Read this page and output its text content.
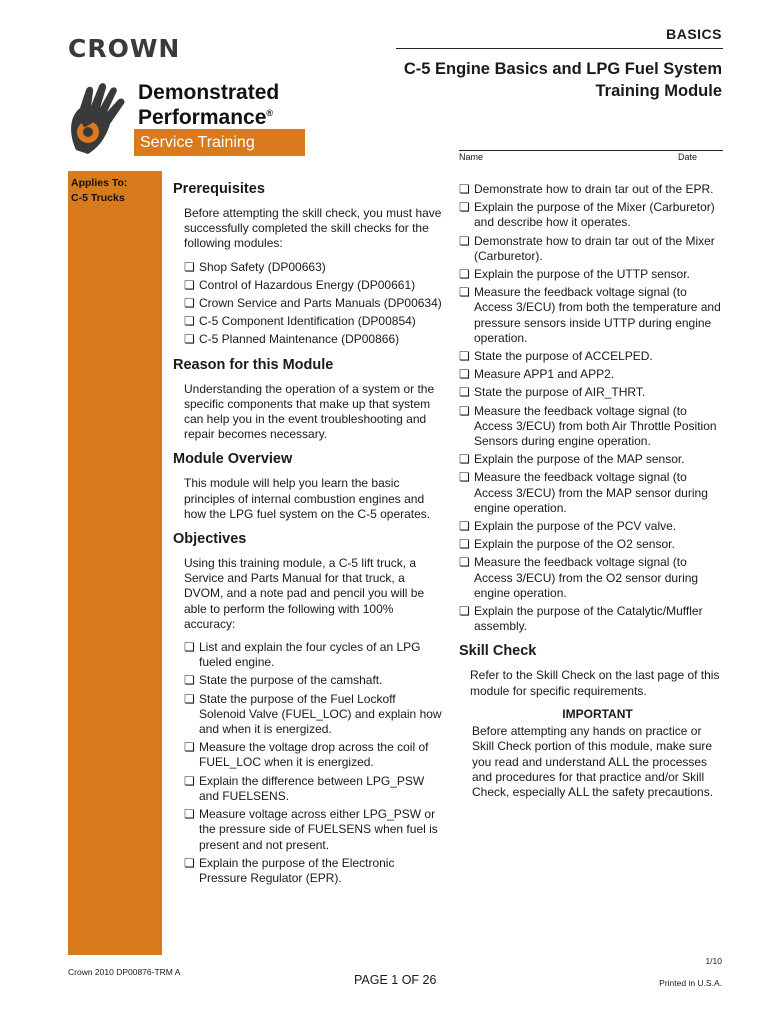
CROWN
Demonstrated
Performance®
Service Training
BASICS
C-5 Engine Basics and LPG Fuel System
Training Module
Name	Date
Applies To:
C-5 Trucks
Prerequisites

Before attempting the skill check, you must have successfully completed the skill checks for the following modules:

❏ Shop Safety (DP00663)
❏ Control of Hazardous Energy (DP00661)
❏ Crown Service and Parts Manuals (DP00634)
❏ C-5 Component Identification (DP00854)
❏ C-5 Planned Maintenance (DP00866)
Reason for this Module

Understanding the operation of a system or the specific components that make up that system can help you in the event troubleshooting and repair becomes necessary.

Module Overview

This module will help you learn the basic principles of internal combustion engines and how the LPG fuel system on the C-5 operates.

Objectives

Using this training module, a C-5 lift truck, a Service and Parts Manual for that truck, a DVOM, and a note pad and pencil you will be able to perform the following with 100% accuracy:

❏ List and explain the four cycles of an LPG fueled engine.
❏ State the purpose of the camshaft.
❏ State the purpose of the Fuel Lockoff Solenoid Valve (FUEL_LOC) and explain how and when it is energized.
❏ Measure the voltage drop across the coil of FUEL_LOC when it is energized.
❏ Explain the difference between LPG_PSW and FUELSENS.
❏ Measure voltage across either LPG_PSW or the pressure side of FUELSENS when fuel is present and not present.
❏ Explain the purpose of the Electronic Pressure Regulator (EPR).
❏ Demonstrate how to drain tar out of the EPR.
❏ Explain the purpose of the Mixer (Carburetor) and describe how it operates.
❏ Demonstrate how to drain tar out of the Mixer (Carburetor).
❏ Explain the purpose of the UTTP sensor.
❏ Measure the feedback voltage signal (to Access 3/ECU) from both the temperature and pressure sensors inside UTTP during engine operation.
❏ State the purpose of ACCELPED.
❏ Measure APP1 and APP2.
❏ State the purpose of AIR_THRT.
❏ Measure the feedback voltage signal (to Access 3/ECU) from both Air Throttle Position Sensors during engine operation.
❏ Explain the purpose of the MAP sensor.
❏ Measure the feedback voltage signal (to Access 3/ECU) from the MAP sensor during engine operation.
❏ Explain the purpose of the PCV valve.
❏ Explain the purpose of the O2 sensor.
❏ Measure the feedback voltage signal (to Access 3/ECU) from the O2 sensor during engine operation.
❏ Explain the purpose of the Catalytic/Muffler assembly.
Skill Check

Refer to the Skill Check on the last page of this module for specific requirements.

IMPORTANT
Before attempting any hands on practice or Skill Check portion of this module, make sure you read and understand ALL the processes and procedures for that practice and/or Skill Check, especially ALL the safety precautions.
Crown 2010 DP00876-TRM A
PAGE 1 OF 26
1/10
Printed in U.S.A.
